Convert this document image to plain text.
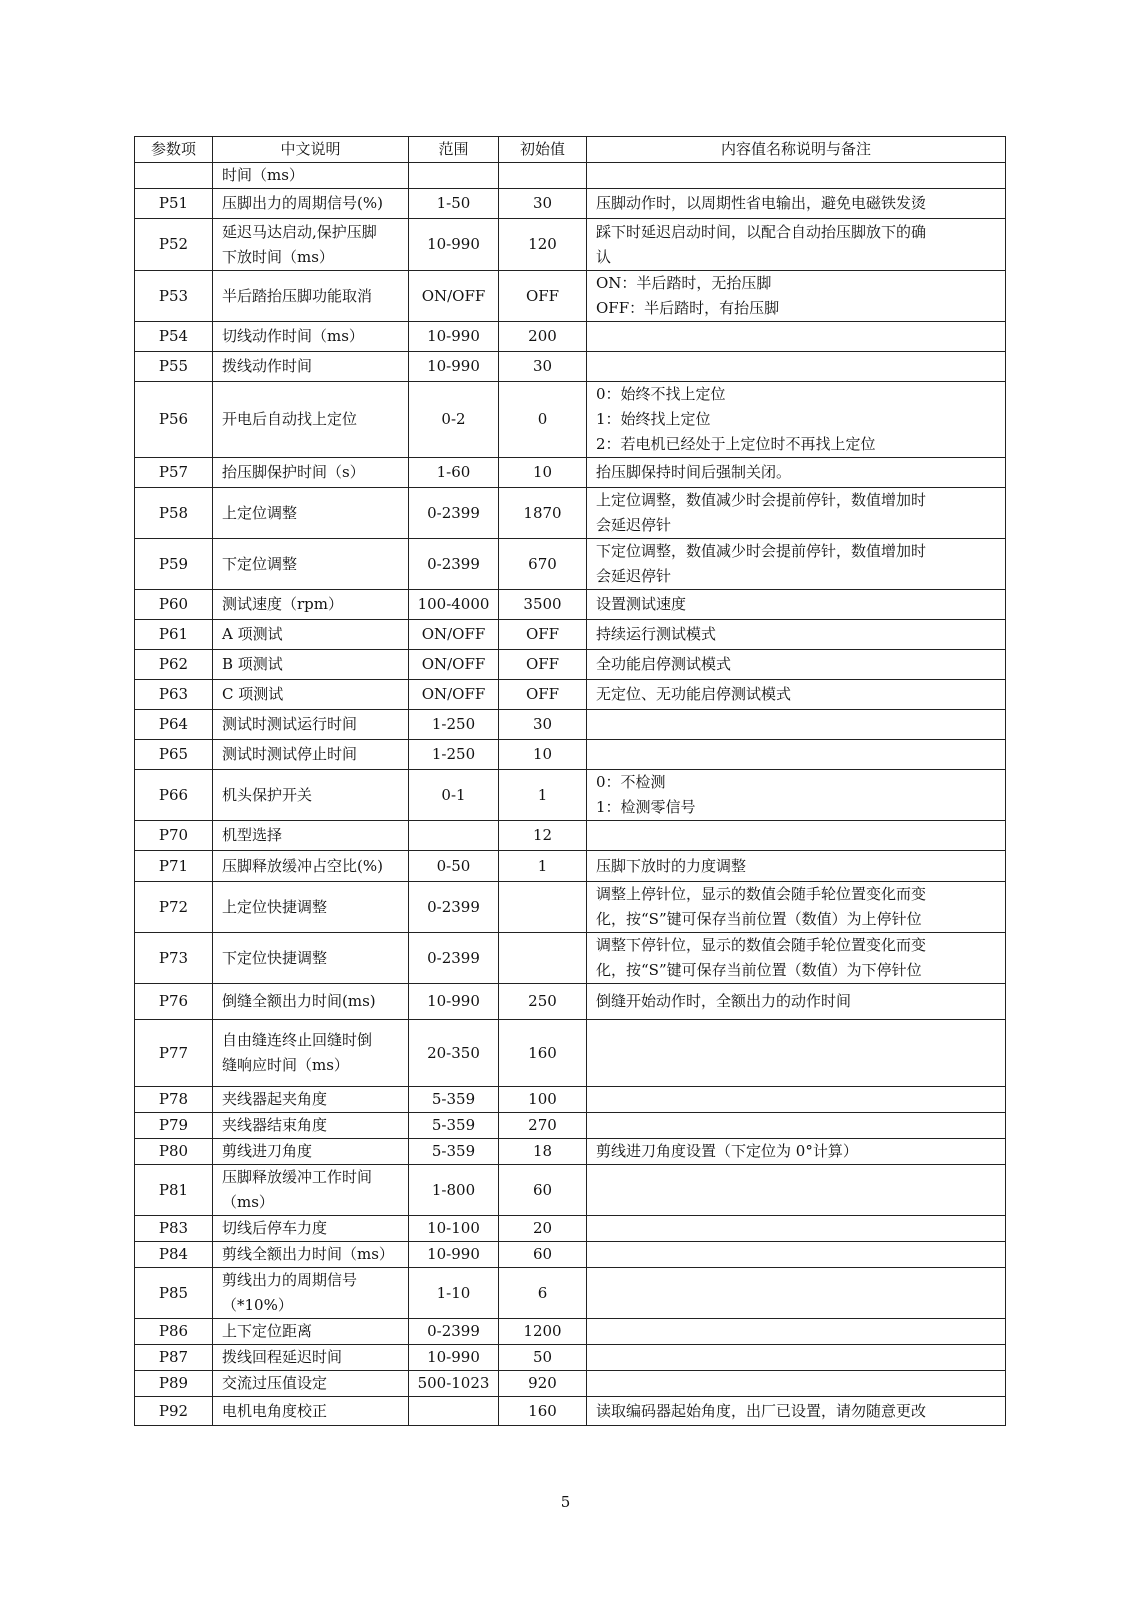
参数项	中文说明	范围	初始值	内容值名称说明与备注

	时间（ms）			

P51	压脚出力的周期信号(%)	1-50	30	压脚动作时，以周期性省电输出，避免电磁铁发烫

P52	延迟马达启动,保护压脚
下放时间（ms）	10-990	120	踩下时延迟启动时间，以配合自动抬压脚放下的确
认

P53	半后踏抬压脚功能取消	ON/OFF	OFF	ON：半后踏时，无抬压脚
OFF：半后踏时，有抬压脚

P54	切线动作时间（ms）	10-990	200	
P55	拨线动作时间	10-990	30	
P56	开电后自动找上定位	0-2	0	0：始终不找上定位
1：始终找上定位
2：若电机已经处于上定位时不再找上定位

P57	抬压脚保护时间（s）	1-60	10	抬压脚保持时间后强制关闭。

P58	上定位调整	0-2399	1870	上定位调整，数值减少时会提前停针，数值增加时
会延迟停针

P59	下定位调整	0-2399	670	下定位调整，数值减少时会提前停针，数值增加时
会延迟停针

P60	测试速度（rpm）	100-4000	3500	设置测试速度

P61	A 项测试	ON/OFF	OFF	持续运行测试模式

P62	B 项测试	ON/OFF	OFF	全功能启停测试模式

P63	C 项测试	ON/OFF	OFF	无定位、无功能启停测试模式

P64	测试时测试运行时间	1-250	30	
P65	测试时测试停止时间	1-250	10	
P66	机头保护开关	0-1	1	0：不检测
1：检测零信号

P70	机型选择		12	
P71	压脚释放缓冲占空比(%)	0-50	1	压脚下放时的力度调整

P72	上定位快捷调整	0-2399		调整上停针位，显示的数值会随手轮位置变化而变
化，按“S”键可保存当前位置（数值）为上停针位

P73	下定位快捷调整	0-2399		调整下停针位，显示的数值会随手轮位置变化而变
化，按“S”键可保存当前位置（数值）为下停针位

P76	倒缝全额出力时间(ms)	10-990	250	倒缝开始动作时，全额出力的动作时间

P77	自由缝连终止回缝时倒
缝响应时间（ms）	20-350	160	
P78	夹线器起夹角度	5-359	100	
P79	夹线器结束角度	5-359	270	
P80	剪线进刀角度	5-359	18	剪线进刀角度设置（下定位为 0°计算）

P81	压脚释放缓冲工作时间
（ms）	1-800	60	
P83	切线后停车力度	10-100	20	
P84	剪线全额出力时间（ms）	10-990	60	
P85	剪线出力的周期信号
（*10%）	1-10	6	
P86	上下定位距离	0-2399	1200	
P87	拨线回程延迟时间	10-990	50	
P89	交流过压值设定	500-1023	920	
P92	电机电角度校正		160	读取编码器起始角度，出厂已设置，请勿随意更改
5
